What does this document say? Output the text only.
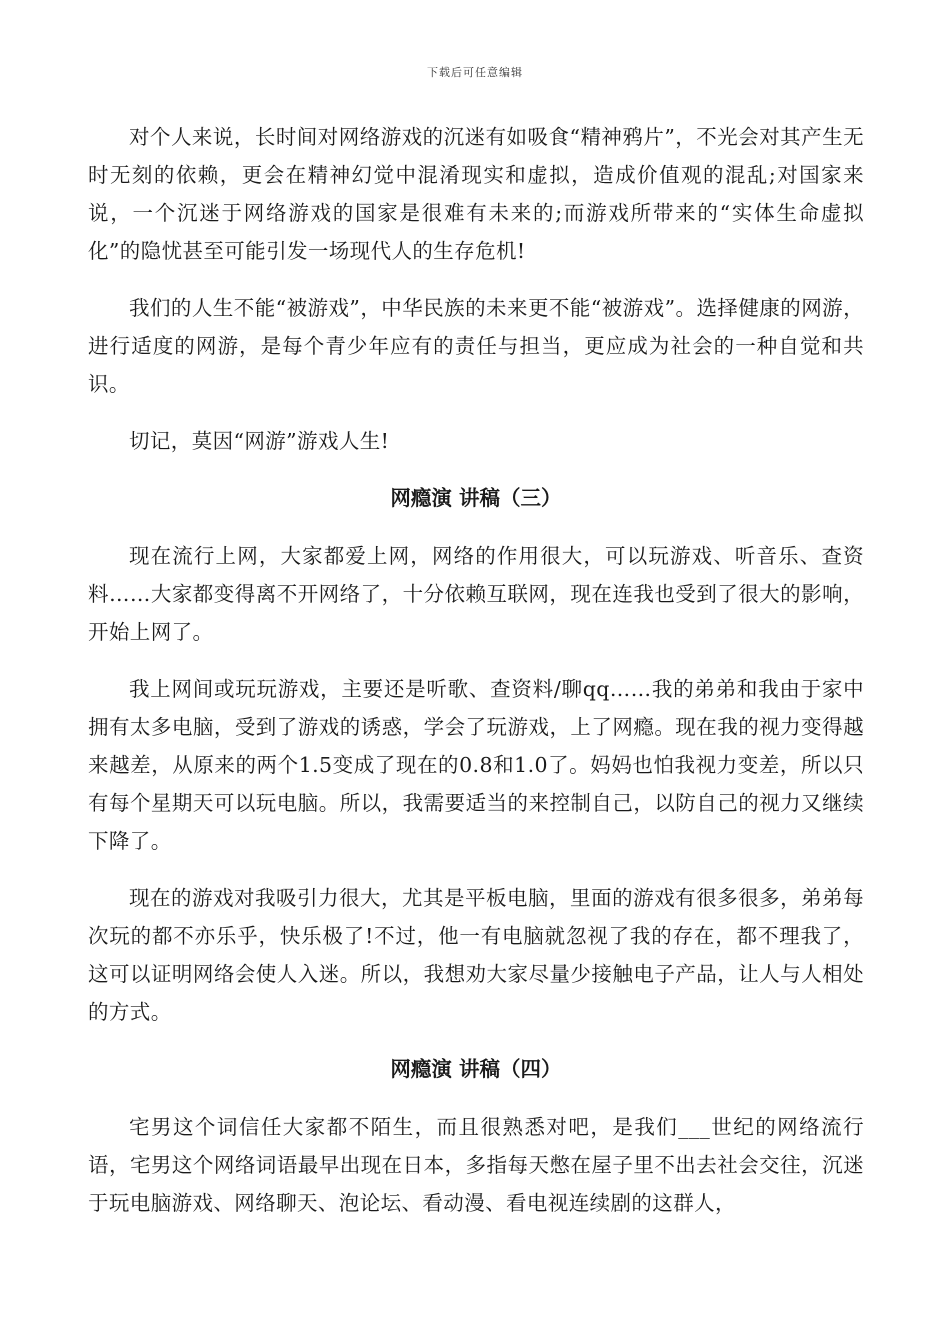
下载后可任意编辑

对个人来说，长时间对网络游戏的沉迷有如吸食“精神鸦片”，不光会对其产生无时无刻的依赖，更会在精神幻觉中混淆现实和虚拟，造成价值观的混乱;对国家来说，一个沉迷于网络游戏的国家是很难有未来的;而游戏所带来的“实体生命虚拟化”的隐忧甚至可能引发一场现代人的生存危机!

我们的人生不能“被游戏”，中华民族的未来更不能“被游戏”。选择健康的网游，进行适度的网游，是每个青少年应有的责任与担当，更应成为社会的一种自觉和共识。

切记，莫因“网游”游戏人生!

网瘾演 讲稿（三）

现在流行上网，大家都爱上网，网络的作用很大，可以玩游戏、听音乐、查资料……大家都变得离不开网络了，十分依赖互联网，现在连我也受到了很大的影响，开始上网了。

我上网间或玩玩游戏，主要还是听歌、查资料/聊qq……我的弟弟和我由于家中拥有太多电脑，受到了游戏的诱惑，学会了玩游戏，上了网瘾。现在我的视力变得越来越差，从原来的两个1.5变成了现在的0.8和1.0了。妈妈也怕我视力变差，所以只有每个星期天可以玩电脑。所以，我需要适当的来控制自己，以防自己的视力又继续下降了。

现在的游戏对我吸引力很大，尤其是平板电脑，里面的游戏有很多很多，弟弟每次玩的都不亦乐乎，快乐极了!不过，他一有电脑就忽视了我的存在，都不理我了，这可以证明网络会使人入迷。所以，我想劝大家尽量少接触电子产品，让人与人相处的方式。

网瘾演 讲稿（四）

宅男这个词信任大家都不陌生，而且很熟悉对吧，是我们___世纪的网络流行语，宅男这个网络词语最早出现在日本，多指每天憋在屋子里不出去社会交往，沉迷于玩电脑游戏、网络聊天、泡论坛、看动漫、看电视连续剧的这群人，
